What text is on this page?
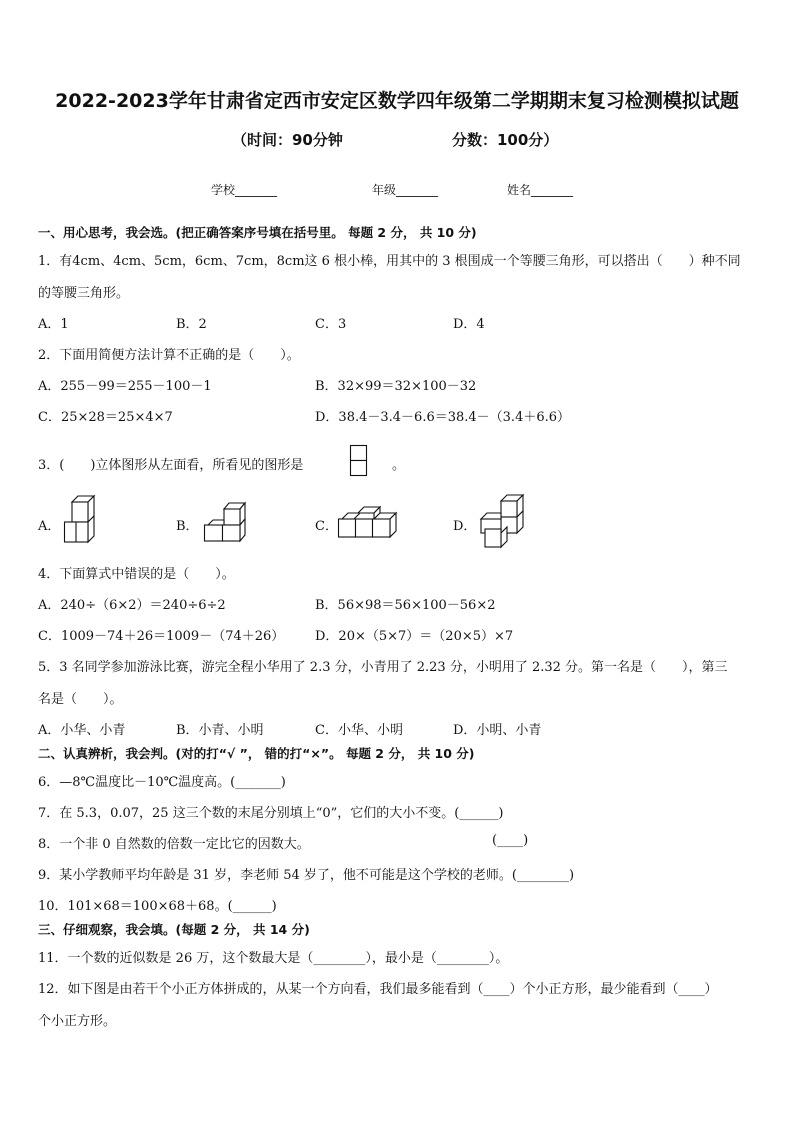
2022-2023学年甘肃省定西市安定区数学四年级第二学期期末复习检测模拟试题
（时间：90分钟	分数：100分）
学校_______	年级_______	姓名_______
一、用心思考，我会选。(把正确答案序号填在括号里。 每题 2 分， 共 10 分)
1．有4cm、4cm、5cm，6cm、7cm，8cm这 6 根小棒，用其中的 3 根围成一个等腰三角形，可以搭出（　　）种不同
的等腰三角形。
A．1	B．2	C．3	D．4
2．下面用简便方法计算不正确的是（　　）。
A．255－99＝255－100－1	B．32×99＝32×100－32
C．25×28＝25×4×7	D．38.4－3.4－6.6＝38.4－（3.4＋6.6）
3．(　　)立体图形从左面看，所看见的图形是	。
A．	B．	C．	D．
4．下面算式中错误的是（　　）。
A．240÷（6×2）＝240÷6÷2	B．56×98＝56×100－56×2
C．1009－74＋26＝1009－（74＋26） D．20×（5×7）＝（20×5）×7
5．3 名同学参加游泳比赛，游完全程小华用了 2.3 分，小青用了 2.23 分，小明用了 2.32 分。第一名是（　　），第三
名是（　　）。
A．小华、小青	B．小青、小明	C．小华、小明	D．小明、小青
二、认真辨析，我会判。(对的打“√ ”， 错的打“×”。 每题 2 分， 共 10 分)
6．—8℃温度比－10℃温度高。(_______)
7．在 5.3，0.07，25 这三个数的末尾分别填上“0”，它们的大小不变。(______)
8．一个非 0 自然数的倍数一定比它的因数大。	(____)
9．某小学教师平均年龄是 31 岁，李老师 54 岁了，他不可能是这个学校的老师。(________)
10．101×68＝100×68＋68。(______)
三、仔细观察，我会填。(每题 2 分， 共 14 分)
11．一个数的近似数是 26 万，这个数最大是（________），最小是（________）。
12．如下图是由若干个小正方体拼成的，从某一个方向看，我们最多能看到（____）个小正方形，最少能看到（____）
个小正方形。
